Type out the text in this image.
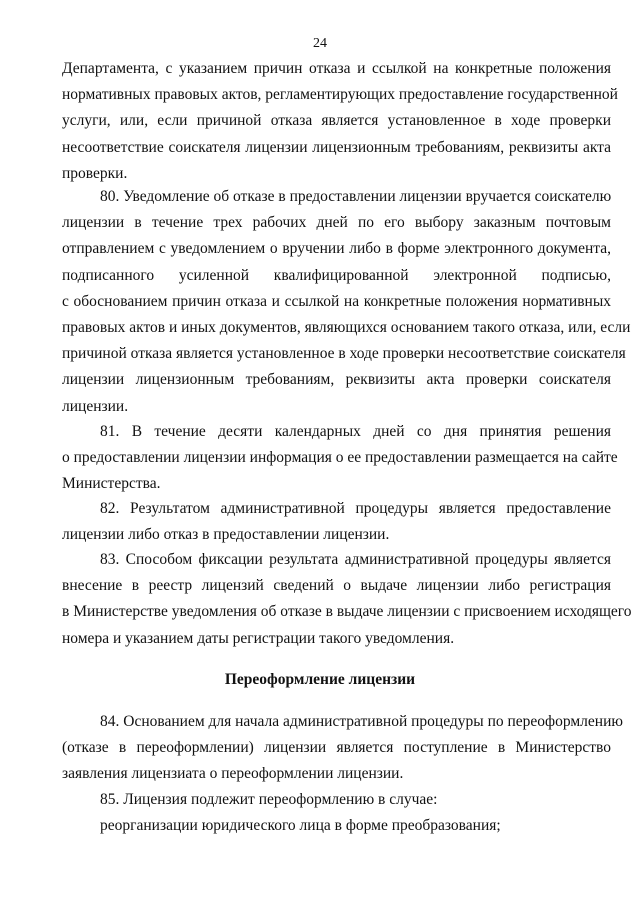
24
Департамента, с указанием причин отказа и ссылкой на конкретные положения
нормативных правовых актов, регламентирующих предоставление государственной
услуги, или, если причиной отказа является установленное в ходе проверки
несоответствие соискателя лицензии лицензионным требованиям, реквизиты акта
проверки.
80. Уведомление об отказе в предоставлении лицензии вручается соискателю
лицензии в течение трех рабочих дней по его выбору заказным почтовым
отправлением с уведомлением о вручении либо в форме электронного документа,
подписанного усиленной квалифицированной электронной подписью,
с обоснованием причин отказа и ссылкой на конкретные положения нормативных
правовых актов и иных документов, являющихся основанием такого отказа, или, если
причиной отказа является установленное в ходе проверки несоответствие соискателя
лицензии лицензионным требованиям, реквизиты акта проверки соискателя
лицензии.
81. В течение десяти календарных дней со дня принятия решения
о предоставлении лицензии информация о ее предоставлении размещается на сайте
Министерства.
82. Результатом административной процедуры является предоставление
лицензии либо отказ в предоставлении лицензии.
83. Способом фиксации результата административной процедуры является
внесение в реестр лицензий сведений о выдаче лицензии либо регистрация
в Министерстве уведомления об отказе в выдаче лицензии с присвоением исходящего
номера и указанием даты регистрации такого уведомления.
Переоформление лицензии
84. Основанием для начала административной процедуры по переоформлению
(отказе в переоформлении) лицензии является поступление в Министерство
заявления лицензиата о переоформлении лицензии.
85. Лицензия подлежит переоформлению в случае:
реорганизации юридического лица в форме преобразования;
